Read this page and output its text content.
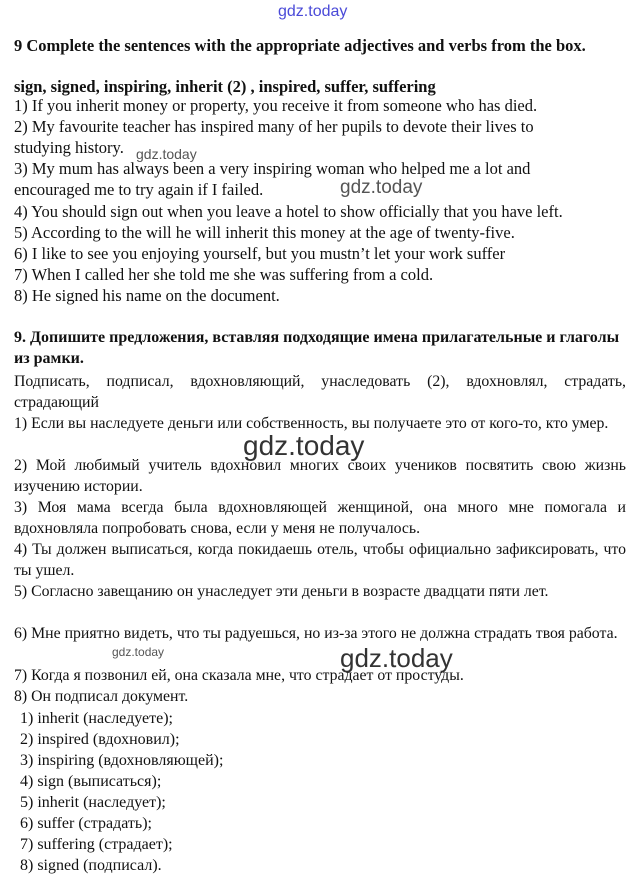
gdz.today
9 Complete the sentences with the appropriate adjectives and verbs from the box.
sign, signed, inspiring, inherit (2) , inspired, suffer, suffering
1) If you inherit money or property, you receive it from someone who has died.
2) My favourite teacher has inspired many of her pupils to devote their lives to
studying history.
3) My mum has always been a very inspiring woman who helped me a lot and
encouraged me to try again if I failed.
4) You should sign out when you leave a hotel to show officially that you have left.
5) According to the will he will inherit this money at the age of twenty-five.
6) I like to see you enjoying yourself, but you mustn’t let your work suffer
7) When I called her she told me she was suffering from a cold.
8) He signed his name on the document.
9. Допишите предложения, вставляя подходящие имена прилагательные и глаголы из рамки.
Подписать, подписал, вдохновляющий, унаследовать (2), вдохновлял, страдать, страдающий
1) Если вы наследуете деньги или собственность, вы получаете это от кого-то, кто умер.
2) Мой любимый учитель вдохновил многих своих учеников посвятить свою жизнь изучению истории.
3) Моя мама всегда была вдохновляющей женщиной, она много мне помогала и вдохновляла попробовать снова, если у меня не получалось.
4) Ты должен выписаться, когда покидаешь отель, чтобы официально зафиксировать, что ты ушел.
5) Согласно завещанию он унаследует эти деньги в возрасте двадцати пяти лет.
6) Мне приятно видеть, что ты радуешься, но из-за этого не должна страдать твоя работа.
7) Когда я позвонил ей, она сказала мне, что страдает от простуды.
8) Он подписал документ.
1) inherit (наследуете);
2) inspired (вдохновил);
3) inspiring (вдохновляющей);
4) sign (выписаться);
5) inherit (наследует);
6) suffer (страдать);
7) suffering (страдает);
8) signed (подписал).
gdz.today
gdz.today
gdz.today
gdz.today	gdz.today
